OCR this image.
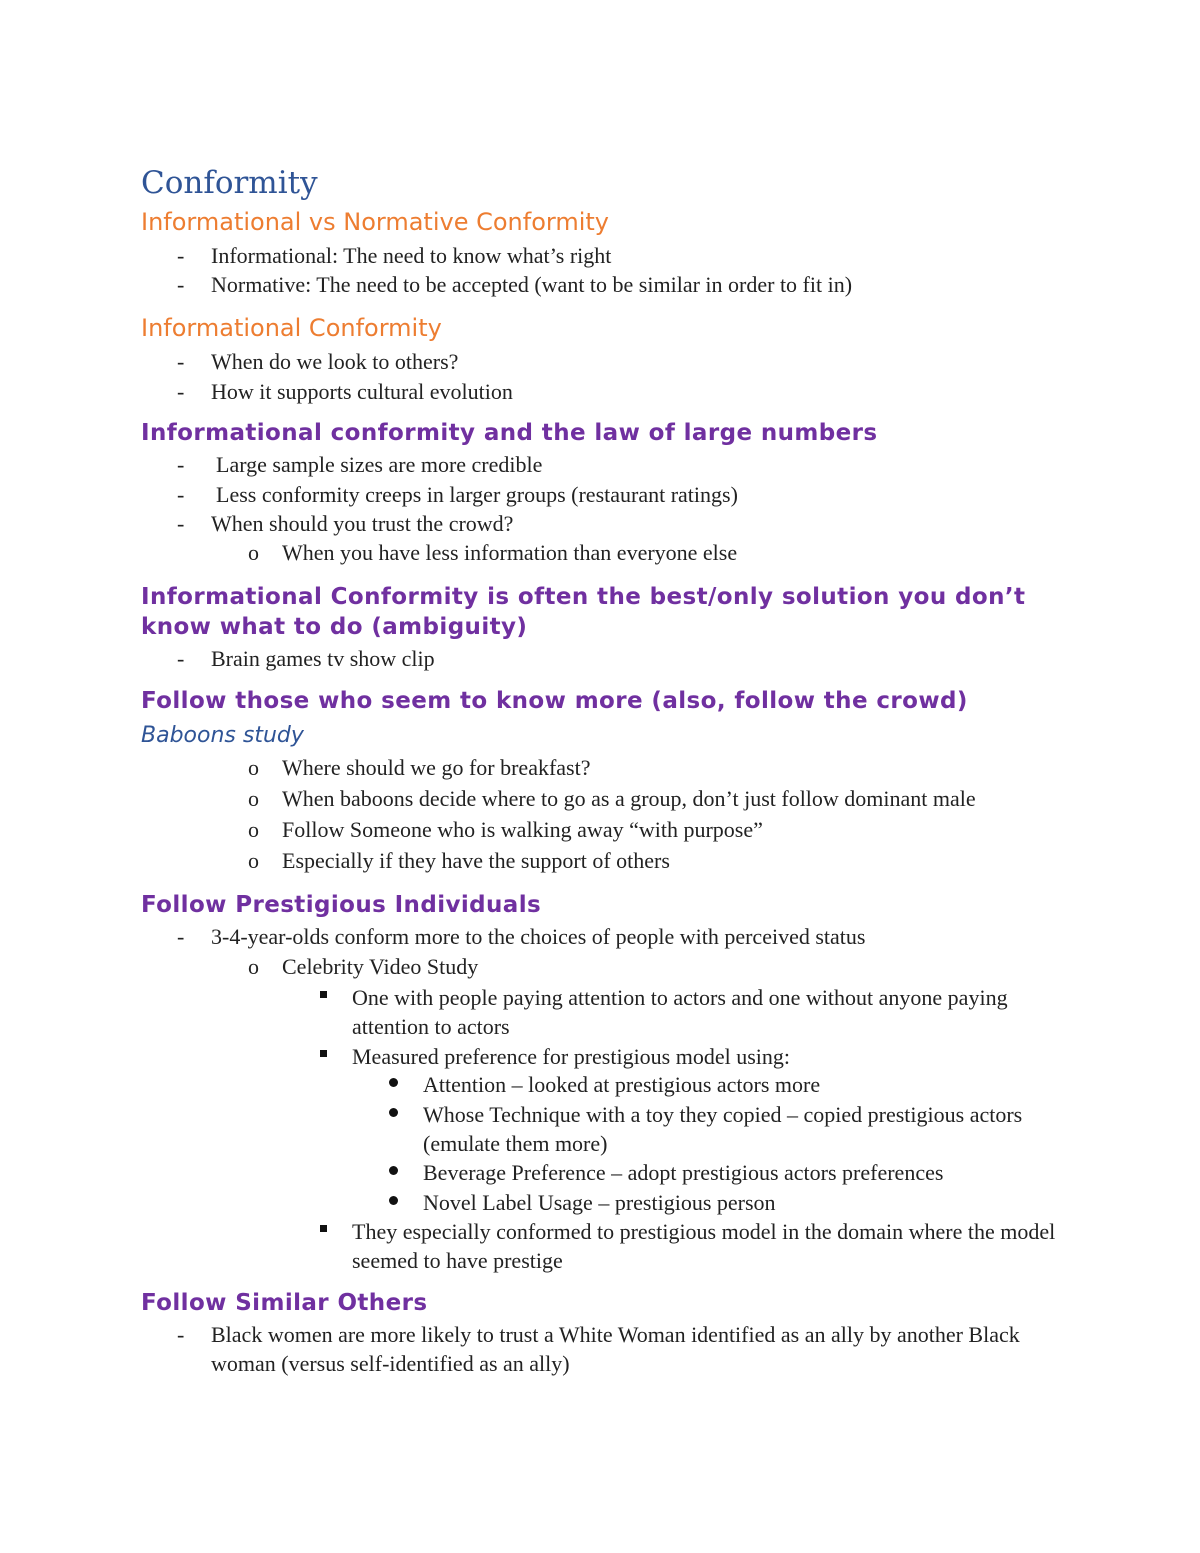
Conformity
Informational vs Normative Conformity
- Informational: The need to know what’s right
- Normative: The need to be accepted (want to be similar in order to fit in)
Informational Conformity
- When do we look to others?
- How it supports cultural evolution
Informational conformity and the law of large numbers
- Large sample sizes are more credible
- Less conformity creeps in larger groups (restaurant ratings)
- When should you trust the crowd?
o When you have less information than everyone else
Informational Conformity is often the best/only solution you don’t know what to do (ambiguity)
- Brain games tv show clip
Follow those who seem to know more (also, follow the crowd)
Baboons study
o Where should we go for breakfast?
o When baboons decide where to go as a group, don’t just follow dominant male
o Follow Someone who is walking away “with purpose”
o Especially if they have the support of others
Follow Prestigious Individuals
- 3-4-year-olds conform more to the choices of people with perceived status
o Celebrity Video Study
One with people paying attention to actors and one without anyone paying attention to actors
Measured preference for prestigious model using:
Attention – looked at prestigious actors more
Whose Technique with a toy they copied – copied prestigious actors (emulate them more)
Beverage Preference – adopt prestigious actors preferences
Novel Label Usage – prestigious person
They especially conformed to prestigious model in the domain where the model seemed to have prestige
Follow Similar Others
- Black women are more likely to trust a White Woman identified as an ally by another Black woman (versus self-identified as an ally)
